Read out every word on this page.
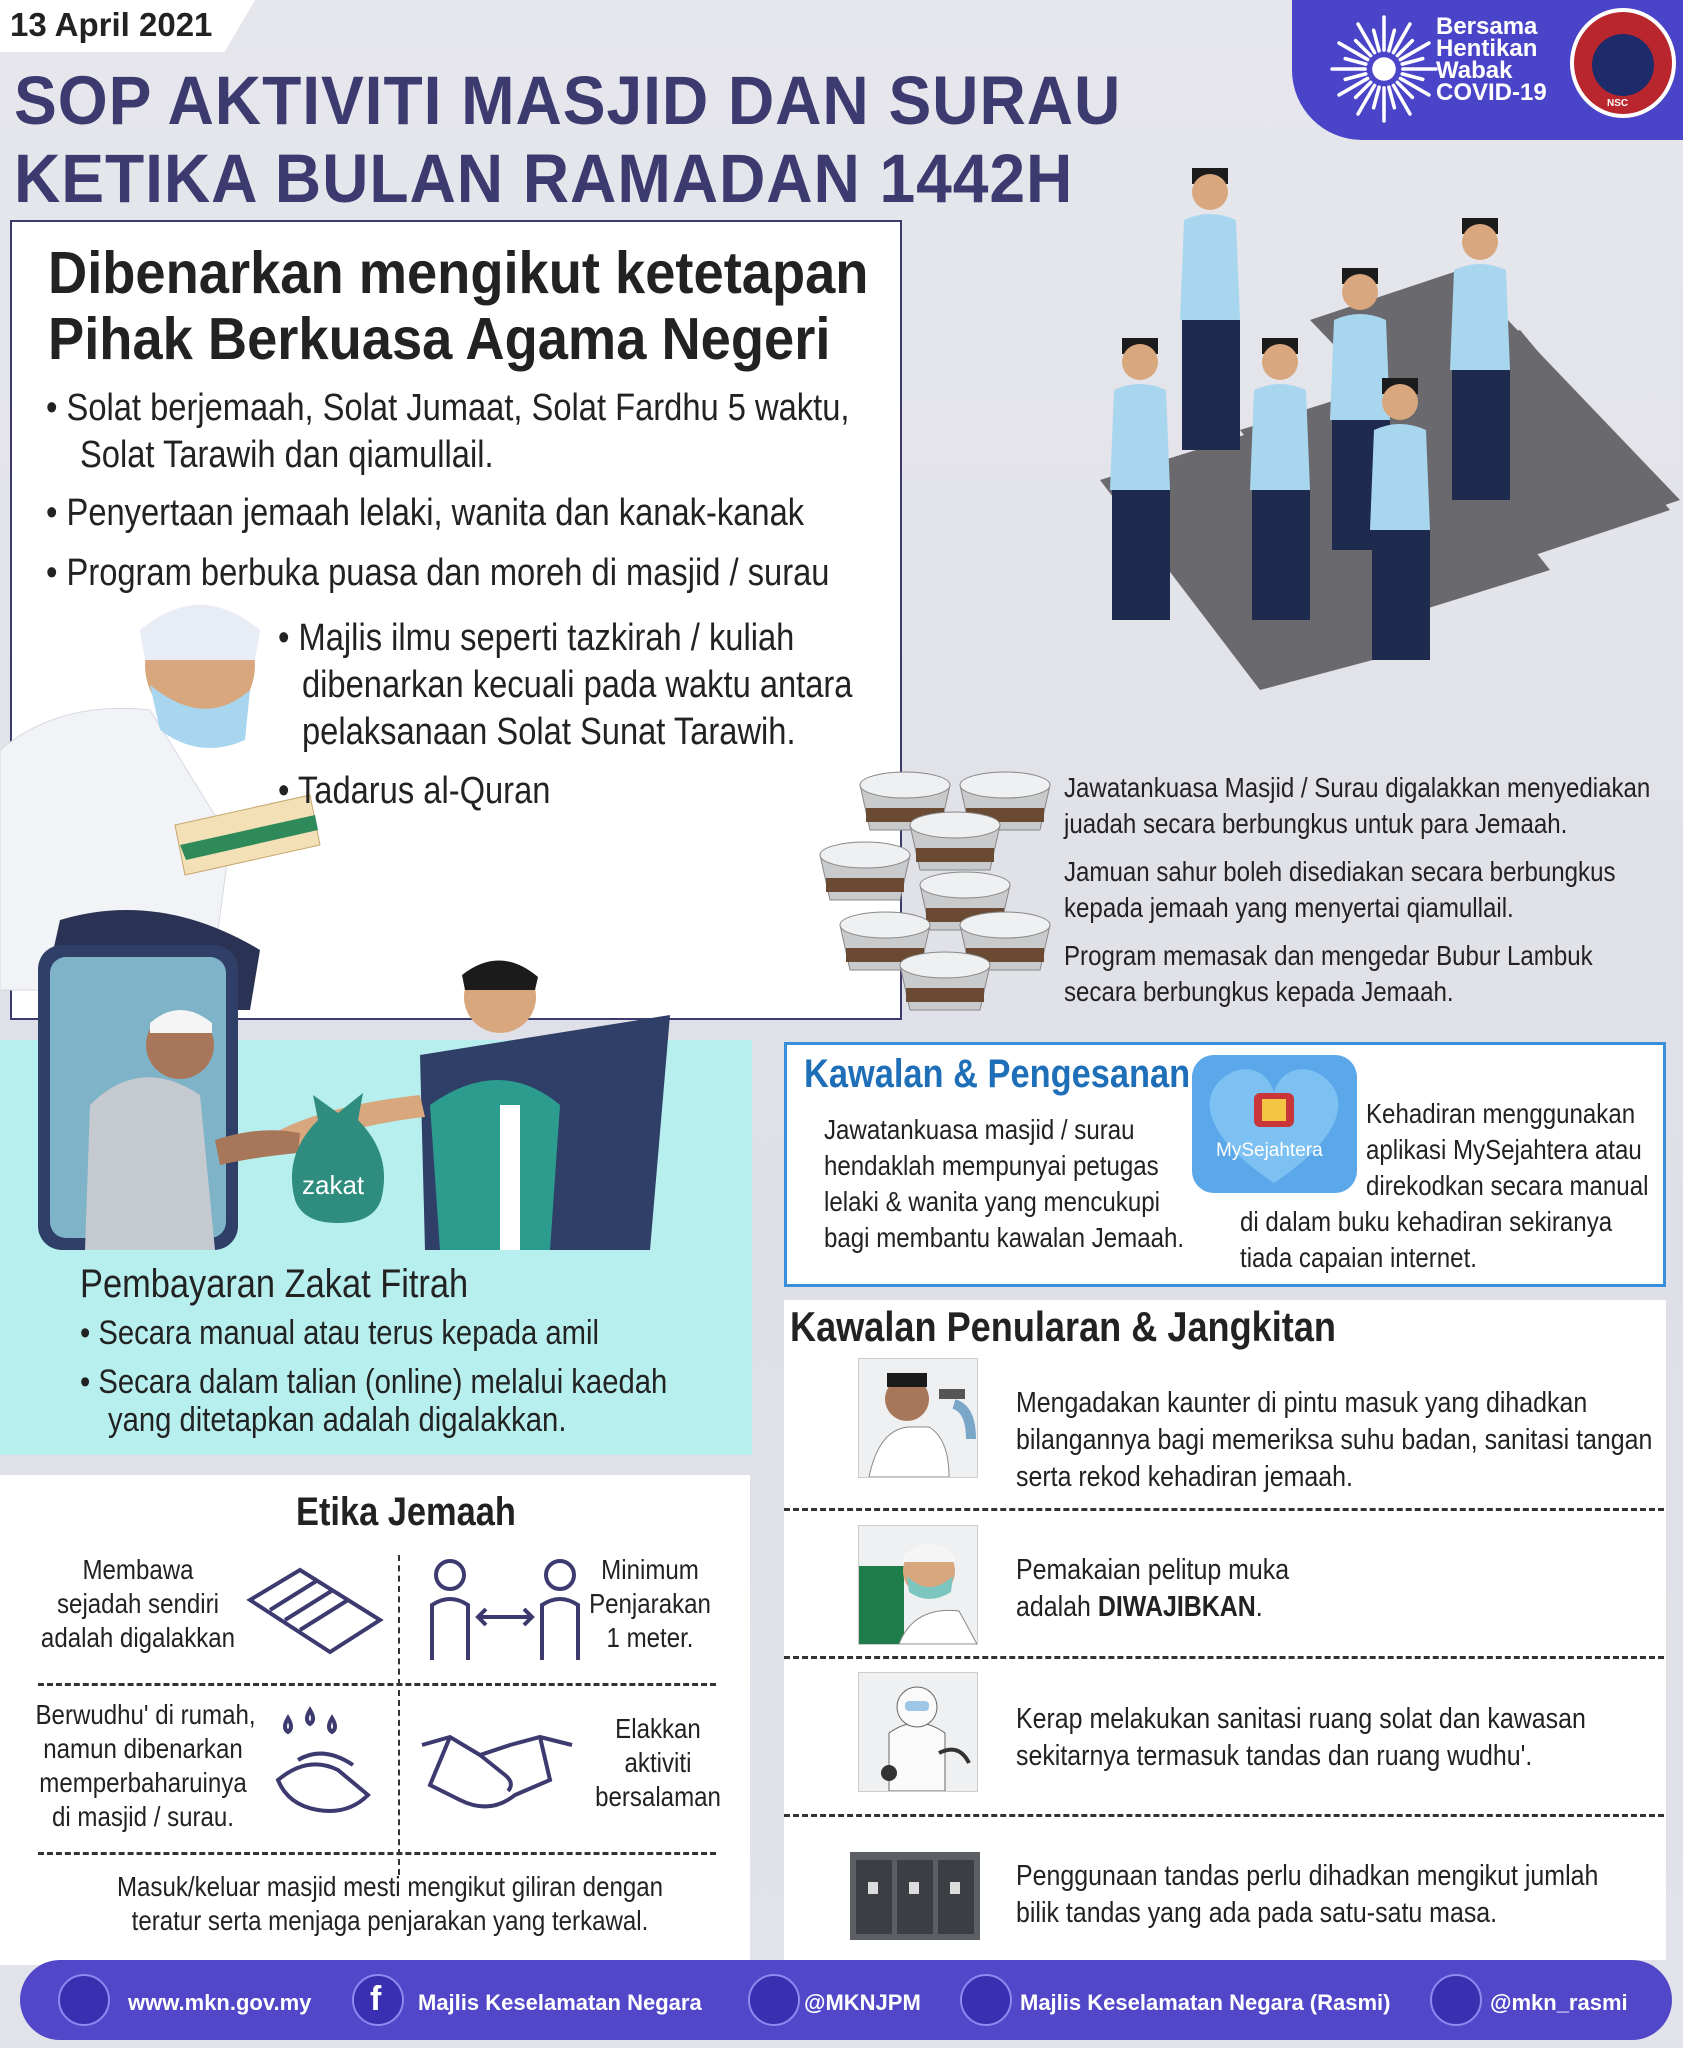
13 April 2021
SOP AKTIVITI MASJID DAN SURAU
KETIKA BULAN RAMADAN 1442H
Bersama
Hentikan
Wabak
COVID-19	NSC
Dibenarkan mengikut ketetapan
Pihak Berkuasa Agama Negeri
• Solat berjemaah, Solat Jumaat, Solat Fardhu 5 waktu,
Solat Tarawih dan qiamullail.
• Penyertaan jemaah lelaki, wanita dan kanak-kanak
• Program berbuka puasa dan moreh di masjid / surau
• Majlis ilmu seperti tazkirah / kuliah
dibenarkan kecuali pada waktu antara
pelaksanaan Solat Sunat Tarawih.
• Tadarus al-Quran	Jawatankuasa Masjid / Surau digalakkan menyediakan
juadah secara berbungkus untuk para Jemaah.
Jamuan sahur boleh disediakan secara berbungkus
kepada jemaah yang menyertai qiamullail.
Program memasak dan mengedar Bubur Lambuk
secara berbungkus kepada Jemaah.
zakat
Pembayaran Zakat Fitrah
• Secara manual atau terus kepada amil
• Secara dalam talian (online) melalui kaedah
yang ditetapkan adalah digalakkan.
Kawalan & Pengesanan
Jawatankuasa masjid / surau
hendaklah mempunyai petugas
lelaki & wanita yang mencukupi
bagi membantu kawalan Jemaah.
MySejahtera
Kehadiran menggunakan
aplikasi MySejahtera atau
direkodkan secara manual
di dalam buku kehadiran sekiranya
tiada capaian internet.
Kawalan Penularan & Jangkitan
Mengadakan kaunter di pintu masuk yang dihadkan
bilangannya bagi memeriksa suhu badan, sanitasi tangan
serta rekod kehadiran jemaah.
Pemakaian pelitup muka
adalah DIWAJIBKAN.
Kerap melakukan sanitasi ruang solat dan kawasan
sekitarnya termasuk tandas dan ruang wudhu'.
Penggunaan tandas perlu dihadkan mengikut jumlah
bilik tandas yang ada pada satu-satu masa.
Etika Jemaah
Membawa
sejadah sendiri
adalah digalakkan
Minimum
Penjarakan
1 meter.
Berwudhu' di rumah,
namun dibenarkan
memperbaharuinya
di masjid / surau.
Elakkan
aktiviti
bersalaman
Masuk/keluar masjid mesti mengikut giliran dengan
teratur serta menjaga penjarakan yang terkawal.
www.mkn.gov.my f Majlis Keselamatan Negara	@MKNJPM	Majlis Keselamatan Negara (Rasmi)	@mkn_rasmi
